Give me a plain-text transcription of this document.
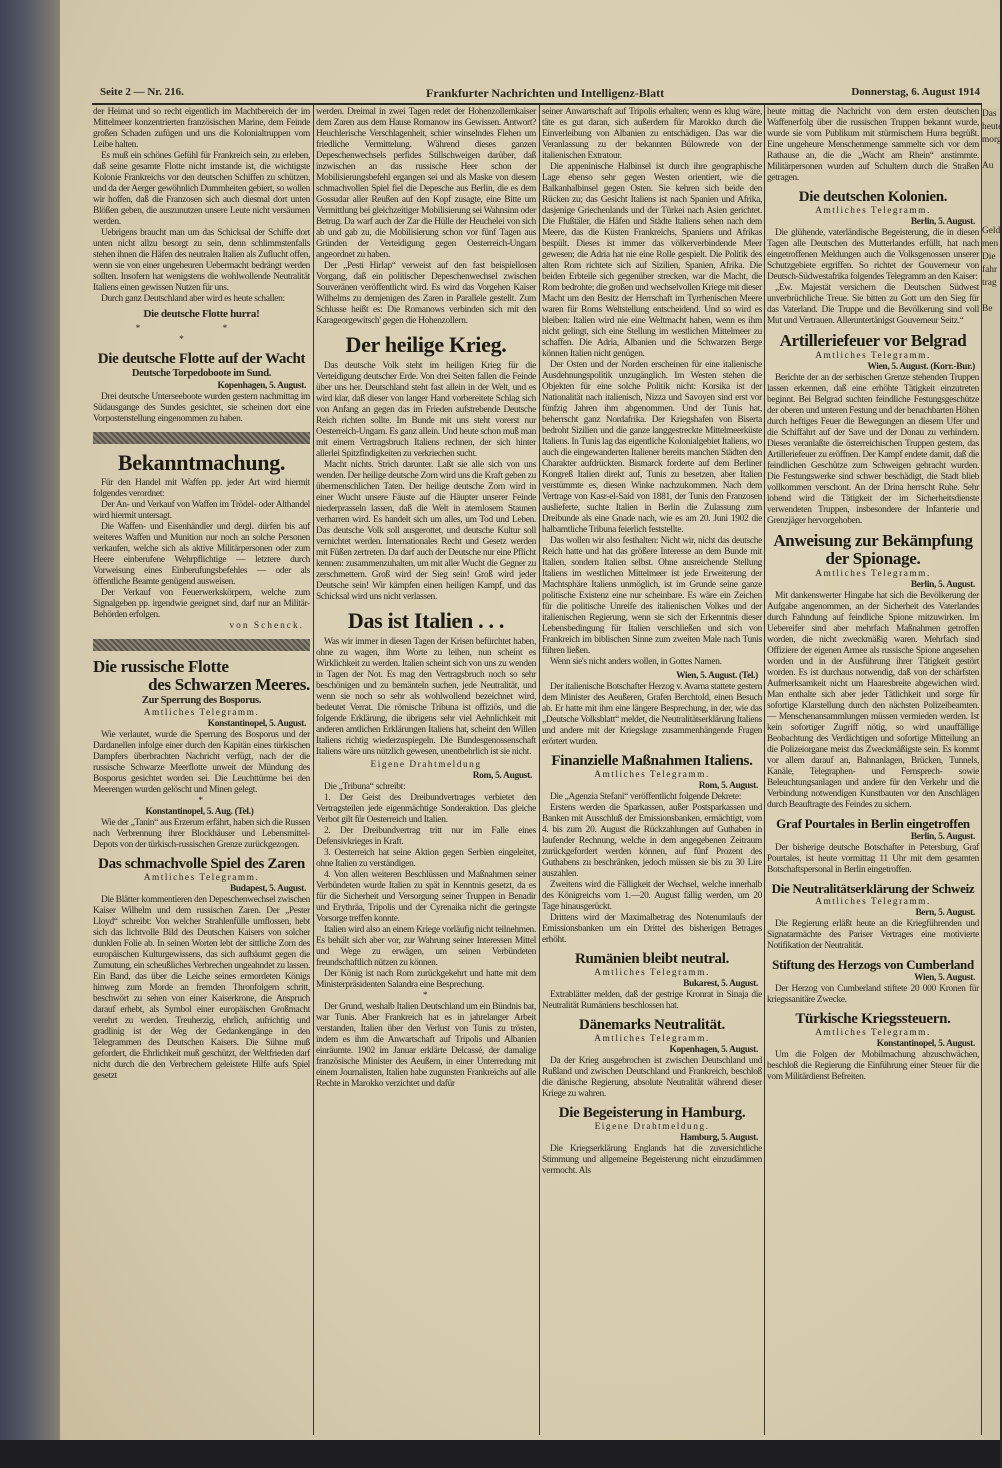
Seite 2 — Nr. 216.	Frankfurter Nachrichten und Intelligenz-Blatt	Donnerstag, 6. August 1914

der Heimat und so recht eigentlich im Machtbereich der im Mittelmeer konzentrierten französischen Marine, dem Feinde großen Schaden zufügen und uns die Kolonialtruppen vom Leibe halten.

Es muß ein schönes Gefühl für Frankreich sein, zu erleben, daß seine gesamte Flotte nicht imstande ist, die wichtigste Kolonie Frankreichs vor den deutschen Schiffen zu schützen, und da der Aerger gewöhnlich Dummheiten gebiert, so wollen wir hoffen, daß die Franzosen sich auch diesmal dort unten Blößen geben, die auszunutzen unsere Leute nicht versäumen werden.

Uebrigens braucht man um das Schicksal der Schiffe dort unten nicht allzu besorgt zu sein, denn schlimmstenfalls stehen ihnen die Häfen des neutralen Italien als Zuflucht offen, wenn sie von einer ungeheuren Uebermacht bedrängt werden sollten. Insofern hat wenigstens die wohlwollende Neutralität Italiens einen gewissen Nutzen für uns.

Durch ganz Deutschland aber wird es heute schallen:

Die deutsche Flotte hurra!
* * *
Die deutsche Flotte auf der Wacht
Deutsche Torpedoboote im Sund.
Kopenhagen, 5. August.

Drei deutsche Unterseeboote wurden gestern nachmittag im Südausgange des Sundes gesichtet, sie scheinen dort eine Vorpostenstellung eingenommen zu haben.

Bekanntmachung.

Für den Handel mit Waffen pp. jeder Art wird hiermit folgendes verordnet:

Der An- und Verkauf von Waffen im Trödel- oder Althandel wird hiermit untersagt.

Die Waffen- und Eisenhändler und dergl. dürfen bis auf weiteres Waffen und Munition nur noch an solche Personen verkaufen, welche sich als aktive Militärpersonen oder zum Heere einberufene Wehrpflichtige — letztere durch Vorweisung eines Einberufungsbefehles — oder als öffentliche Beamte genügend ausweisen.

Der Verkauf von Feuerwerkskörpern, welche zum Signalgeben pp. irgendwie geeignet sind, darf nur an Militär-Behörden erfolgen.

von Schenck.
Die russische Flotte
des Schwarzen Meeres.
Zur Sperrung des Bosporus.
Amtliches Telegramm.
Konstantinopel, 5. August.

Wie verlautet, wurde die Sperrung des Bosporus und der Dardanellen infolge einer durch den Kapitän eines türkischen Dampfers überbrachten Nachricht verfügt, nach der die russische Schwarze Meerflotte unweit der Mündung des Bosporus gesichtet worden sei. Die Leuchttürme bei den Meerengen wurden gelöscht und Minen gelegt.

*
Konstantinopel, 5. Aug. (Tel.)

Wie der „Tanin“ aus Erzerum erfährt, haben sich die Russen nach Verbrennung ihrer Blockhäuser und Lebensmittel-Depots von der türkisch-russischen Grenze zurückgezogen.

Das schmachvolle Spiel des Zaren
Amtliches Telegramm.
Budapest, 5. August.

Die Blätter kommentieren den Depeschenwechsel zwischen Kaiser Wilhelm und dem russischen Zaren. Der „Pester Lloyd“ schreibt: Von welcher Strahlenfülle umflossen, hebt sich das lichtvolle Bild des Deutschen Kaisers von solcher dunklen Folie ab. In seinen Worten lebt der sittliche Zorn des europäischen Kulturgewissens, das sich aufbäumt gegen die Zumutung, ein scheußliches Verbrechen ungeahndet zu lassen. Ein Band, das über die Leiche seines ermordeten Königs hinweg zum Morde an fremden Thronfolgern schritt, beschwört zu sehen von einer Kaiserkrone, die Anspruch darauf erhebt, als Symbol einer europäischen Großmacht verehrt zu werden. Treuherzig, ehrlich, aufrichtig und gradlinig ist der Weg der Gedankengänge in den Telegrammen des Deutschen Kaisers. Die Sühne muß gefordert, die Ehrlichkeit muß geschützt, der Weltfrieden darf nicht durch die den Verbrechern geleistete Hilfe aufs Spiel gesetzt

werden. Dreimal in zwei Tagen redet der Hohenzollernkaiser dem Zaren aus dem Hause Romanow ins Gewissen. Antwort? Heuchlerische Verschlagenheit, schier winselndes Flehen um friedliche Vermittelung. Während dieses ganzen Depeschenwechsels perfides Stillschweigen darüber, daß inzwischen an das russische Heer schon der Mobilisierungsbefehl ergangen sei und als Maske von diesem schmachvollen Spiel fiel die Depesche aus Berlin, die es dem Gossudar aller Reußen auf den Kopf zusagte, eine Bitte um Vermittlung bei gleichzeitiger Mobilisierung sei Wahnsinn oder Betrug. Da warf auch der Zar die Hülle der Heuchelei von sich ab und gab zu, die Mobilisierung schon vor fünf Tagen aus Gründen der Verteidigung gegen Oesterreich-Ungarn angeordnet zu haben.

Der „Pesti Hirlap“ verweist auf den fast beispiellosen Vorgang, daß ein politischer Depeschenwechsel zwischen Souveränen veröffentlicht wird. Es wird das Vorgehen Kaiser Wilhelms zu demjenigen des Zaren in Parallele gestellt. Zum Schlusse heißt es: Die Romanows verbinden sich mit den Karageorgewitsch' gegen die Hohenzollern.

Der heilige Krieg.

Das deutsche Volk steht im heiligen Krieg für die Verteidigung deutscher Erde. Von drei Seiten fallen die Feinde über uns her. Deutschland steht fast allein in der Welt, und es wird klar, daß dieser von langer Hand vorbereitete Schlag sich von Anfang an gegen das im Frieden aufstrebende Deutsche Reich richten sollte. Im Bunde mit uns steht vorerst nur Oesterreich-Ungarn. Es ganz allein. Und heute schon muß man mit einem Vertragsbruch Italiens rechnen, der sich hinter allerlei Spitzfindigkeiten zu verkriechen sucht.

Macht nichts. Strich darunter. Laßt sie alle sich von uns wenden. Der heilige deutsche Zorn wird uns die Kraft geben zu übermenschlichen Taten. Der heilige deutsche Zorn wird in einer Wucht unsere Fäuste auf die Häupter unserer Feinde niederprasseln lassen, daß die Welt in atemlosem Staunen verharren wird. Es handelt sich um alles, um Tod und Leben. Das deutsche Volk soll ausgerottet, und deutsche Kultur soll vernichtet werden. Internationales Recht und Gesetz werden mit Füßen zertreten. Da darf auch der Deutsche nur eine Pflicht kennen: zusammenzuhalten, um mit aller Wucht die Gegner zu zerschmettern. Groß wird der Sieg sein! Groß wird jeder Deutsche sein! Wir kämpfen einen heiligen Kampf, und das Schicksal wird uns nicht verlassen.

Das ist Italien . . .

Was wir immer in diesen Tagen der Krisen befürchtet haben, ohne zu wagen, ihm Worte zu leihen, nun scheint es Wirklichkeit zu werden. Italien scheint sich von uns zu wenden in Tagen der Not. Es mag den Vertragsbruch noch so sehr beschönigen und zu bemänteln suchen, jede Neutralität, und wenn sie noch so sehr als wohlwollend bezeichnet wird, bedeutet Verrat. Die römische Tribuna ist offiziös, und die folgende Erklärung, die übrigens sehr viel Aehnlichkeit mit anderen amtlichen Erklärungen Italiens hat, scheint den Willen Italiens richtig wiederzuspiegeln. Die Bundesgenossenschaft Italiens wäre uns nützlich gewesen, unentbehrlich ist sie nicht.

Eigene Drahtmeldung
Rom, 5. August.

Die „Tribuna“ schreibt:

1. Der Geist des Dreibundvertrages verbietet den Vertragsteilen jede eigenmächtige Sonderaktion. Das gleiche Verbot gilt für Oesterreich und Italien.

2. Der Dreibundvertrag tritt nur im Falle eines Defensivkrieges in Kraft.

3. Oesterreich hat seine Aktion gegen Serbien eingeleitet, ohne Italien zu verständigen.

4. Von allen weiteren Beschlüssen und Maßnahmen seiner Verbündeten wurde Italien zu spät in Kenntnis gesetzt, da es für die Sicherheit und Versorgung seiner Truppen in Benadir und Erythräa, Tripolis und der Cyrenaika nicht die geringste Vorsorge treffen konnte.

Italien wird also an einem Kriege vorläufig nicht teilnehmen. Es behält sich aber vor, zur Wahrung seiner Interessen Mittel und Wege zu erwägen, um seinen Verbündeten freundschaftlich nützen zu können.

Der König ist nach Rom zurückgekehrt und hatte mit dem Ministerpräsidenten Salandra eine Besprechung.

*

Der Grund, weshalb Italien Deutschland um ein Bündnis bat, war Tunis. Aber Frankreich hat es in jahrelanger Arbeit verstanden, Italien über den Verlust von Tunis zu trösten, indem es ihm die Anwartschaft auf Tripolis und Albanien einräumte. 1902 im Januar erklärte Delcassé, der damalige französische Minister des Aeußern, in einer Unterredung mit einem Journalisten, Italien habe zugunsten Frankreichs auf alle Rechte in Marokko verzichtet und dafür

seiner Anwartschaft auf Tripolis erhalten; wenn es klug wäre, täte es gut daran, sich außerdem für Marokko durch die Einverleibung von Albanien zu entschädigen. Das war die Veranlassung zu der bekannten Bülowrede von der italienischen Extratour.

Die appeninische Halbinsel ist durch ihre geographische Lage ebenso sehr gegen Westen orientiert, wie die Balkanhalbinsel gegen Osten. Sie kehren sich beide den Rücken zu; das Gesicht Italiens ist nach Spanien und Afrika, dasjenige Griechenlands und der Türkei nach Asien gerichtet. Die Flußtäler, die Häfen und Städte Italiens sehen nach dem Meere, das die Küsten Frankreichs, Spaniens und Afrikas bespült. Dieses ist immer das völkerverbindende Meer gewesen; die Adria hat nie eine Rolle gespielt. Die Politik des alten Rom richtete sich auf Sizilien, Spanien, Afrika. Die beiden Erbteile sich gegenüber strecken, war die Macht, die Rom bedrohte; die großen und wechselvollen Kriege mit dieser Macht um den Besitz der Herrschaft im Tyrrhenischen Meere waren für Roms Weltstellung entscheidend. Und so wird es bleiben: Italien wird nie eine Weltmacht haben, wenn es ihm nicht gelingt, sich eine Stellung im westlichen Mittelmeer zu schaffen. Die Adria, Albanien und die Schwarzen Berge können Italien nicht genügen.

Der Osten und der Norden erscheinen für eine italienische Ausdehnungspolitik unzugänglich. Im Westen stehen die Objekten für eine solche Politik nicht: Korsika ist der Nationalität nach italienisch, Nizza und Savoyen sind erst vor fünfzig Jahren ihm abgenommen. Und der Tunis hat, beherrscht ganz Nordafrika. Der Kriegshafen von Biserta bedroht Sizilien und die ganze langgestreckte Mittelmeerküste Italiens. In Tunis lag das eigentliche Kolonialgebiet Italiens, wo auch die eingewanderten Italiener bereits manchen Städten den Charakter aufdrückten. Bismarck forderte auf dem Berliner Kongreß Italien direkt auf, Tunis zu besetzen, aber Italien verstümmte es, diesen Winke nachzukommen. Nach dem Vertrage von Kasr-el-Said von 1881, der Tunis den Franzosen auslieferte, suchte Italien in Berlin die Zulassung zum Dreibunde als eine Gnade nach, wie es am 20. Juni 1902 die halbamtliche Tribuna feierlich feststellte.

Das wollen wir also festhalten: Nicht wir, nicht das deutsche Reich hatte und hat das größere Interesse an dem Bunde mit Italien, sondern Italien selbst. Ohne ausreichende Stellung Italiens im westlichen Mittelmeer ist jede Erweiterung der Machtsphäre Italiens unmöglich, ist im Grunde seine ganze politische Existenz eine nur scheinbare. Es wäre ein Zeichen für die politische Unreife des italienischen Volkes und der italienischen Regierung, wenn sie sich der Erkenntnis dieser Lebensbedingung für Italien verschließen und sich von Frankreich im biblischen Sinne zum zweiten Male nach Tunis führen ließen.

Wenn sie's nicht anders wollen, in Gottes Namen.

Wien, 5. August. (Tel.)

Der italienische Botschafter Herzog v. Avarna stattete gestern dem Minister des Aeußeren, Grafen Berchtold, einen Besuch ab. Er hatte mit ihm eine längere Besprechung, in der, wie das „Deutsche Volksblatt“ meldet, die Neutralitätserklärung Italiens und andere mit der Kriegslage zusammenhängende Fragen erörtert wurden.

Finanzielle Maßnahmen Italiens.
Amtliches Telegramm.
Rom, 5. August.

Die „Agenzia Stefani“ veröffentlicht folgende Dekrete:

Erstens werden die Sparkassen, außer Postsparkassen und Banken mit Ausschluß der Emissionsbanken, ermächtigt, vom 4. bis zum 20. August die Rückzahlungen auf Guthaben in laufender Rechnung, welche in dem angegebenen Zeitraum zurückgefordert werden können, auf fünf Prozent des Guthabens zu beschränken, jedoch müssen sie bis zu 30 Lire auszahlen.

Zweitens wird die Fälligkeit der Wechsel, welche innerhalb des Königreichs vom 1.—20. August fällig werden, um 20 Tage hinausgerückt.

Drittens wird der Maximalbetrag des Notenumlaufs der Emissionsbanken um ein Drittel des bisherigen Betrages erhöht.

Rumänien bleibt neutral.
Amtliches Telegramm.
Bukarest, 5. August.

Extrablätter melden, daß der gestrige Kronrat in Sinaja die Neutralität Rumäniens beschlossen hat.

Dänemarks Neutralität.
Amtliches Telegramm.
Kopenhagen, 5. August.

Da der Krieg ausgebrochen ist zwischen Deutschland und Rußland und zwischen Deutschland und Frankreich, beschloß die dänische Regierung, absolute Neutralität während dieser Kriege zu wahren.

Die Begeisterung in Hamburg.
Eigene Drahtmeldung.
Hamburg, 5. August.

Die Kriegserklärung Englands hat die zuversichtliche Stimmung und allgemeine Begeisterung nicht einzudämmen vermocht. Als

heute mittag die Nachricht von dem ersten deutschen Waffenerfolg über die russischen Truppen bekannt wurde, wurde sie vom Publikum mit stürmischem Hurra begrüßt. Eine ungeheure Menschenmenge sammelte sich vor dem Rathause an, die die „Wacht am Rhein“ anstimmte. Militärpersonen wurden auf Schultern durch die Straßen getragen.

Die deutschen Kolonien.
Amtliches Telegramm.
Berlin, 5. August.

Die glühende, vaterländische Begeisterung, die in diesen Tagen alle Deutschen des Mutterlandes erfüllt, hat nach eingetroffenen Meldungen auch die Volksgenossen unserer Schutzgebiete ergriffen. So richtet der Gouverneur von Deutsch-Südwestafrika folgendes Telegramm an den Kaiser:

„Ew. Majestät versichern die Deutschen Südwest unverbrüchliche Treue. Sie bitten zu Gott um den Sieg für das Vaterland. Die Truppe und die Bevölkerung sind voll Mut und Vertrauen. Alleruntertänigst Gouverneur Seitz.“

Artilleriefeuer vor Belgrad
Amtliches Telegramm.
Wien, 5. August. (Korr.-Bur.)

Berichte der an der serbischen Grenze stehenden Truppen lassen erkennen, daß eine erhöhte Tätigkeit einzutreten beginnt. Bei Belgrad suchten feindliche Festungsgeschütze der oberen und unteren Festung und der benachbarten Höhen durch heftiges Feuer die Bewegungen an diesem Ufer und die Schiffahrt auf der Save und der Donau zu verhindern. Dieses veranlaßte die österreichischen Truppen gestern, das Artilleriefeuer zu eröffnen. Der Kampf endete damit, daß die feindlichen Geschütze zum Schweigen gebracht wurden. Die Festungswerke sind schwer beschädigt, die Stadt blieb vollkommen verschont. An der Drina herrscht Ruhe. Sehr lobend wird die Tätigkeit der im Sicherheitsdienste verwendeten Truppen, insbesondere der Infanterie und Grenzjäger hervorgehoben.

Anweisung zur Bekämpfung
der Spionage.
Amtliches Telegramm.
Berlin, 5. August.

Mit dankenswerter Hingabe hat sich die Bevölkerung der Aufgabe angenommen, an der Sicherheit des Vaterlandes durch Fahndung auf feindliche Spione mitzuwirken. Im Uebereifer sind aber mehrfach Maßnahmen getroffen worden, die nicht zweckmäßig waren. Mehrfach sind Offiziere der eigenen Armee als russische Spione angesehen worden und in der Ausführung ihrer Tätigkeit gestört worden. Es ist durchaus notwendig, daß von der schärfsten Aufmerksamkeit nicht um Haaresbreite abgewichen wird. Man enthalte sich aber jeder Tätlichkeit und sorge für sofortige Klarstellung durch den nächsten Polizeibeamten. — Menschenansammlungen müssen vermieden werden. Ist kein sofortiger Zugriff nötig, so wird unauffällige Beobachtung des Verdächtigen und sofortige Mitteilung an die Polizeiorgane meist das Zweckmäßigste sein. Es kommt vor allem darauf an, Bahnanlagen, Brücken, Tunnels, Kanäle, Telegraphen- und Fernsprech- sowie Beleuchtungsanlagen und andere für den Verkehr und die Verbindung notwendigen Kunstbauten vor den Anschlägen durch Beauftragte des Feindes zu sichern.

Graf Pourtales in Berlin eingetroffen
Berlin, 5. August.

Der bisherige deutsche Botschafter in Petersburg, Graf Pourtales, ist heute vormittag 11 Uhr mit dem gesamten Botschaftspersonal in Berlin eingetroffen.

Die Neutralitätserklärung der Schweiz
Amtliches Telegramm.
Bern, 5. August.

Die Regierung erläßt heute an die Kriegführenden und Signatarmächte des Pariser Vertrages eine motivierte Notifikation der Neutralität.

Stiftung des Herzogs von Cumberland
Wien, 5. August.

Der Herzog von Cumberland stiftete 20 000 Kronen für kriegssanitäre Zwecke.

Türkische Kriegssteuern.
Amtliches Telegramm.
Konstantinopel, 5. August.

Um die Folgen der Mobilmachung abzuschwächen, beschloß die Regierung die Einführung einer Steuer für die vom Militärdienst Befreiten.

Das
heute
morg

Au

Geld
men
Die
fahr
trag

Be
